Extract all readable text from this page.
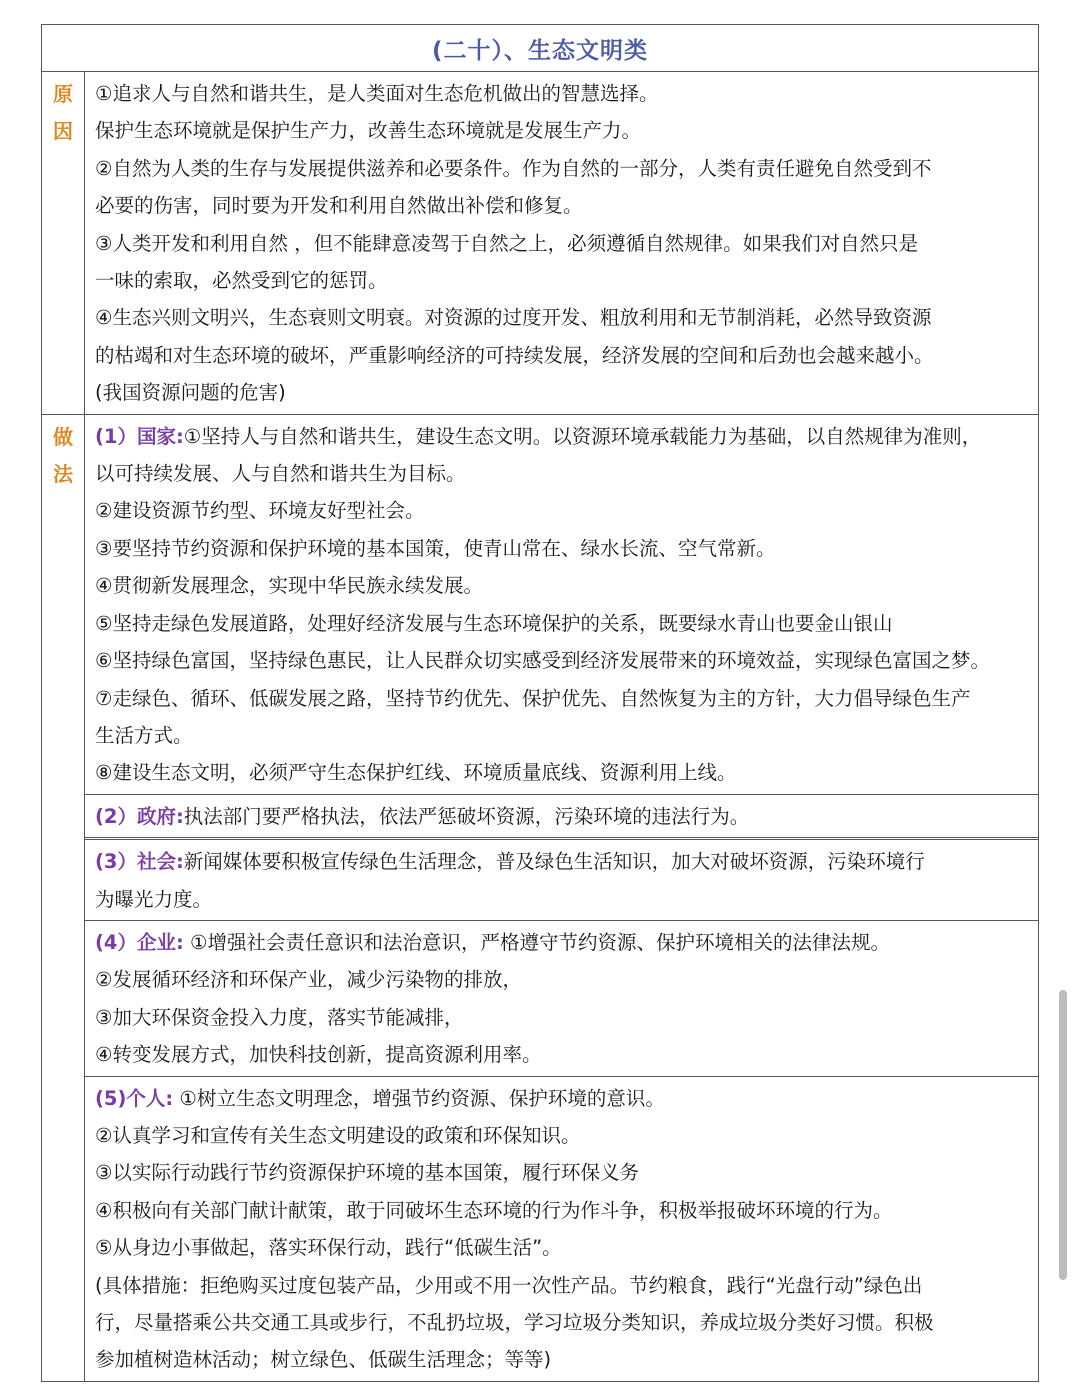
(二十）、生态文明类
原
因
①追求人与自然和谐共生，是人类面对生态危机做出的智慧选择。
保护生态环境就是保护生产力，改善生态环境就是发展生产力。
②自然为人类的生存与发展提供滋养和必要条件。作为自然的一部分，人类有责任避免自然受到不
必要的伤害，同时要为开发和利用自然做出补偿和修复。
③人类开发和利用自然 ，但不能肆意凌驾于自然之上，必须遵循自然规律。如果我们对自然只是
一味的索取，必然受到它的惩罚。
④生态兴则文明兴，生态衰则文明衰。对资源的过度开发、粗放利用和无节制消耗，必然导致资源
的枯竭和对生态环境的破坏，严重影响经济的可持续发展，经济发展的空间和后劲也会越来越小。
(我国资源问题的危害)
做
法
(1）国家:①坚持人与自然和谐共生，建设生态文明。以资源环境承载能力为基础，以自然规律为准则，
以可持续发展、人与自然和谐共生为目标。
②建设资源节约型、环境友好型社会。
③要坚持节约资源和保护环境的基本国策，使青山常在、绿水长流、空气常新。
④贯彻新发展理念，实现中华民族永续发展。
⑤坚持走绿色发展道路，处理好经济发展与生态环境保护的关系，既要绿水青山也要金山银山
⑥坚持绿色富国，坚持绿色惠民，让人民群众切实感受到经济发展带来的环境效益，实现绿色富国之梦。
⑦走绿色、循环、低碳发展之路，坚持节约优先、保护优先、自然恢复为主的方针，大力倡导绿色生产
生活方式。
⑧建设生态文明，必须严守生态保护红线、环境质量底线、资源利用上线。
(2）政府:执法部门要严格执法，依法严惩破坏资源，污染环境的违法行为。
(3）社会:新闻媒体要积极宣传绿色生活理念，普及绿色生活知识，加大对破坏资源，污染环境行
为曝光力度。
(4）企业: ①增强社会责任意识和法治意识，严格遵守节约资源、保护环境相关的法律法规。
②发展循环经济和环保产业，减少污染物的排放，
③加大环保资金投入力度，落实节能减排，
④转变发展方式，加快科技创新，提高资源利用率。
(5)个人: ①树立生态文明理念，增强节约资源、保护环境的意识。
②认真学习和宣传有关生态文明建设的政策和环保知识。
③以实际行动践行节约资源保护环境的基本国策，履行环保义务
④积极向有关部门献计献策，敢于同破坏生态环境的行为作斗争，积极举报破坏环境的行为。
⑤从身边小事做起，落实环保行动，践行“低碳生活”。
(具体措施：拒绝购买过度包装产品，少用或不用一次性产品。节约粮食，践行“光盘行动”绿色出
行，尽量搭乘公共交通工具或步行，不乱扔垃圾，学习垃圾分类知识，养成垃圾分类好习惯。积极
参加植树造林活动；树立绿色、低碳生活理念；等等)
